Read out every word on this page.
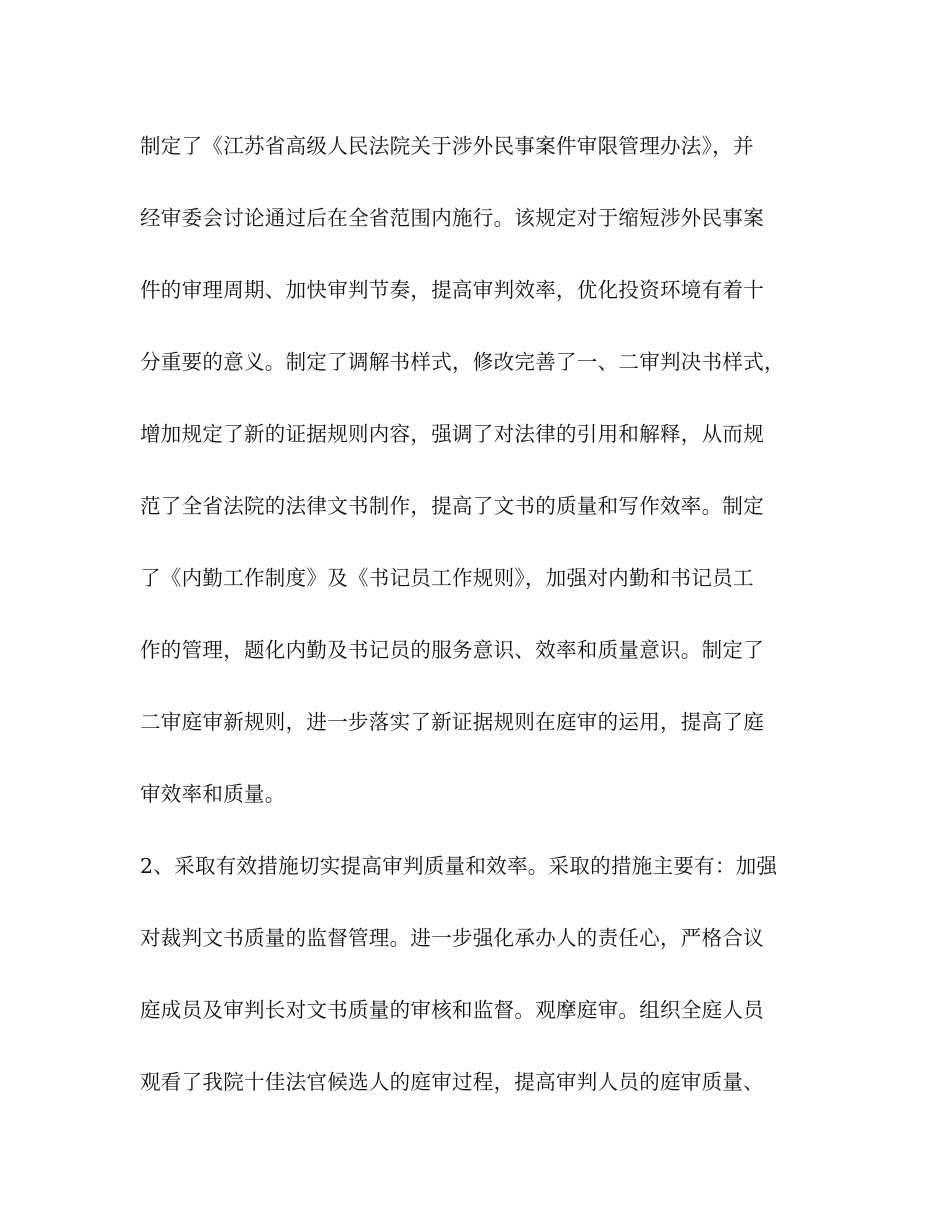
制定了《江苏省高级人民法院关于涉外民事案件审限管理办法》，并
经审委会讨论通过后在全省范围内施行。该规定对于缩短涉外民事案
件的审理周期、加快审判节奏，提高审判效率，优化投资环境有着十
分重要的意义。制定了调解书样式，修改完善了一、二审判决书样式，
增加规定了新的证据规则内容，强调了对法律的引用和解释，从而规
范了全省法院的法律文书制作，提高了文书的质量和写作效率。制定
了《内勤工作制度》及《书记员工作规则》，加强对内勤和书记员工
作的管理，题化内勤及书记员的服务意识、效率和质量意识。制定了
二审庭审新规则，进一步落实了新证据规则在庭审的运用，提高了庭
审效率和质量。
2、采取有效措施切实提高审判质量和效率。采取的措施主要有：加强
对裁判文书质量的监督管理。进一步强化承办人的责任心，严格合议
庭成员及审判长对文书质量的审核和监督。观摩庭审。组织全庭人员
观看了我院十佳法官候选人的庭审过程，提高审判人员的庭审质量、
